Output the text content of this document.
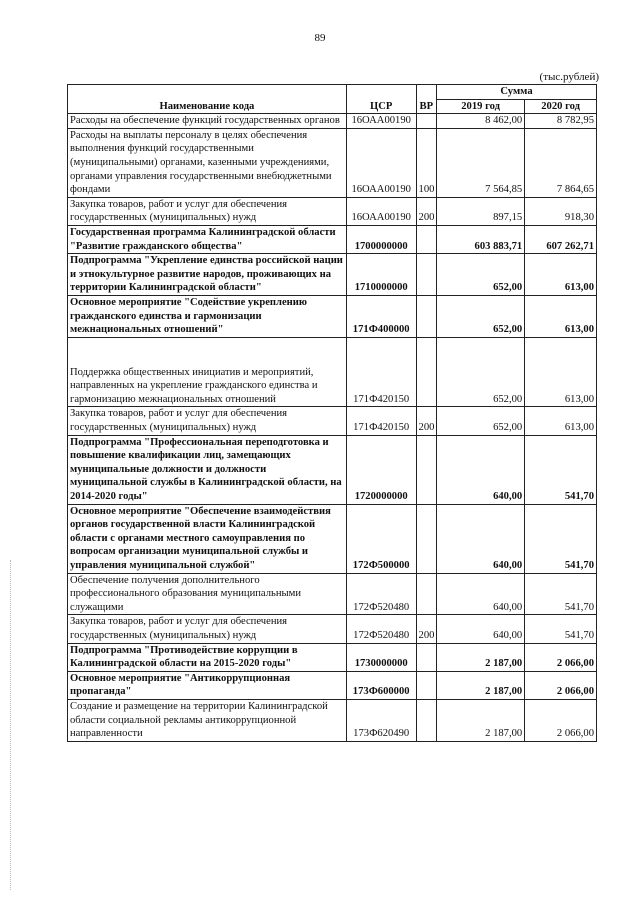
89
(тыс.рублей)
Наименование кода	ЦСР	ВР	Сумма	
			2019 год	2020 год
Расходы на обеспечение функций государственных органов	16ОАА00190		8 462,00	8 782,95
Расходы на выплаты персоналу в целях обеспечения выполнения функций государственными (муниципальными) органами, казенными учреждениями, органами управления государственными внебюджетными фондами	16ОАА00190	100	7 564,85	7 864,65
Закупка товаров, работ и услуг для обеспечения государственных (муниципальных) нужд	16ОАА00190	200	897,15	918,30
Государственная программа Калининградской области "Развитие гражданского общества"	1700000000		603 883,71	607 262,71
Подпрограмма "Укрепление единства российской нации и этнокультурное развитие народов, проживающих на территории Калининградской области"	1710000000		652,00	613,00
Основное мероприятие "Содействие укреплению гражданского единства и гармонизации межнациональных отношений"	171Ф400000		652,00	613,00
Поддержка общественных инициатив и мероприятий, направленных на укрепление гражданского единства и гармонизацию межнациональных отношений	171Ф420150		652,00	613,00
Закупка товаров, работ и услуг для обеспечения государственных (муниципальных) нужд	171Ф420150	200	652,00	613,00
Подпрограмма "Профессиональная переподготовка и повышение квалификации лиц, замещающих муниципальные должности и должности муниципальной службы в Калининградской области, на 2014-2020 годы"	1720000000		640,00	541,70
Основное мероприятие "Обеспечение взаимодействия органов государственной власти Калининградской области с органами местного самоуправления по вопросам организации муниципальной службы и управления муниципальной службой"	172Ф500000		640,00	541,70
Обеспечение получения дополнительного профессионального образования муниципальными служащими	172Ф520480		640,00	541,70
Закупка товаров, работ и услуг для обеспечения государственных (муниципальных) нужд	172Ф520480	200	640,00	541,70
Подпрограмма "Противодействие коррупции в Калининградской области на 2015-2020 годы"	1730000000		2 187,00	2 066,00
Основное мероприятие "Антикоррупционная пропаганда"	173Ф600000		2 187,00	2 066,00
Создание и размещение на территории Калининградской области социальной рекламы антикоррупционной направленности	173Ф620490		2 187,00	2 066,00
